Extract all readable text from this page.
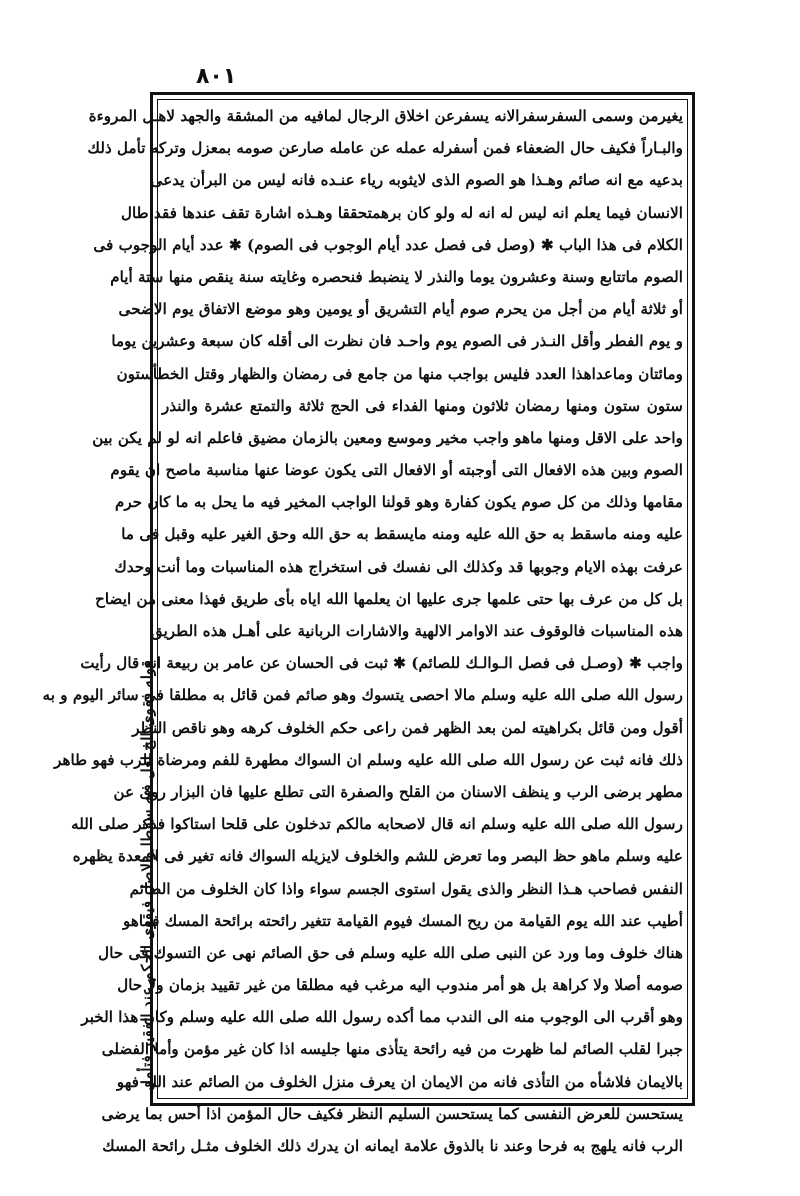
٨٠١
يغيرمن وسمى السفرسفرالانه يسفرعن اخلاق الرجال لمافيه من المشقة والجهد لاهـل المروءة
والبـاراً فكيف حال الضعفاء فمن أسفرله عمله عن عامله صارعن صومه بمعزل وتركه تأمل ذلك
بدعيه مع انه صائم وهـذا هو الصوم الذى لايثوبه رياء عنـده فانه ليس من البرأن يدعى
الانسان فيما يعلم انه ليس له انه له ولو كان برهمتحققا وهـذه اشارة تقف عندها فقد طال
الكلام فى هذا الباب ✱ (وصل فى فصل عدد أيام الوجوب فى الصوم) ✱ عدد أيام الوجوب فى
الصوم ماتتابع وسنة وعشرون يوما والنذر لا ينضبط فنحصره وغايته سنة ينقص منها ستة أيام
أو ثلاثة أيام من أجل من يحرم صوم أيام التشريق أو يومين وهو موضع الاتفاق يوم الاضحى
و يوم الفطر وأقل النـذر فى الصوم يوم واحـد فان نظرت الى أقله كان سبعة وعشرين يوما
ومائتان وماعداهذا العدد فليس بواجب منها من جامع فى رمضان والظهار وقتل الخطأستون
ستون ستون ومنها رمضان ثلاثون ومنها الفداء فى الحج ثلاثة والتمتع عشرة والنذر
واحد على الاقل ومنها ماهو واجب مخير وموسع ومعين بالزمان مضيق فاعلم انه لو لم يكن بين
الصوم وبين هذه الافعال التى أوجبته أو الافعال التى يكون عوضا عنها مناسبة ماصح ان يقوم
مقامها وذلك من كل صوم يكون كفارة وهو قولنا الواجب المخير فيه ما يحل به ما كان حرم
عليه ومنه ماسقط به حق الله عليه ومنه مايسقط به حق الله وحق الغير عليه وقبل فى ما
عرفت بهذه الايام وجوبها قد وكذلك الى نفسك فى استخراج هذه المناسبات وما أنت وحدك
بل كل من عرف بها حتى علمها جرى عليها ان يعلمها الله اياه بأى طريق فهذا معنى من ايضاح
هذه المناسبات فالوقوف عند الاوامر الالهية والاشارات الربانية على أهـل هذه الطريق
واجب ✱ (وصـل فى فصل الـوالـك للصائم) ✱ ثبت فى الحسان عن عامر بن ربيعة انه قال رأيت
رسول الله صلى الله عليه وسلم مالا احصى يتسوك وهو صائم فمن قائل به مطلقا فى سائر اليوم و به
أقول ومن قائل بكراهيته لمن بعد الظهر فمن راعى حكم الخلوف كرهه وهو ناقص النظر
ذلك فانه ثبت عن رسول الله صلى الله عليه وسلم ان السواك مطهرة للفم ومرضاة للرب فهو طاهر
مطهر برضى الرب و ينظف الاسنان من القلح والصفرة التى تطلع عليها فان البزار روى عن
رسول الله صلى الله عليه وسلم انه قال لاصحابه مالكم تدخلون على قلحا استاكوا فذكر صلى الله
عليه وسلم ماهو حظ البصر وما تعرض للشم والخلوف لايزيله السواك فانه تغير فى المعدة يظهره
النفس فصاحب هـذا النظر والذى يقول استوى الجسم سواء واذا كان الخلوف من الصائم
أطيب عند الله يوم القيامة من ريح المسك فيوم القيامة تتغير رائحته برائحة المسك فماهو
هناك خلوف وما ورد عن النبى صلى الله عليه وسلم فى حق الصائم نهى عن التسوك فى حال
صومه أصلا ولا كراهة بل هو أمر مندوب اليه مرغب فيه مطلقا من غير تقييد بزمان ولا حال
وهو أقرب الى الوجوب منه الى الندب مما أكده رسول الله صلى الله عليه وسلم وكان هذا الخبر
جبرا لقلب الصائم لما ظهرت من فيه رائحة يتأذى منها جليسه اذا كان غير مؤمن وأما الفضلى
بالايمان فلاشأه من التأذى فانه من الايمان ان يعرف منزل الخلوف من الصائم عند الله فهو
يستحسن للعرض النفسى كما يستحسن السليم النظر فكيف حال المؤمن اذا أحس بما يرضى
الرب فانه يلهج به فرحا وعند نا بالذوق علامة ايمانه ان يدرك ذلك الخلوف مثـل رائحة المسك
قوله فقوى الخ لعل فيه سقطا والاصل فيقوى الحكم عند الفقير فتأمل
